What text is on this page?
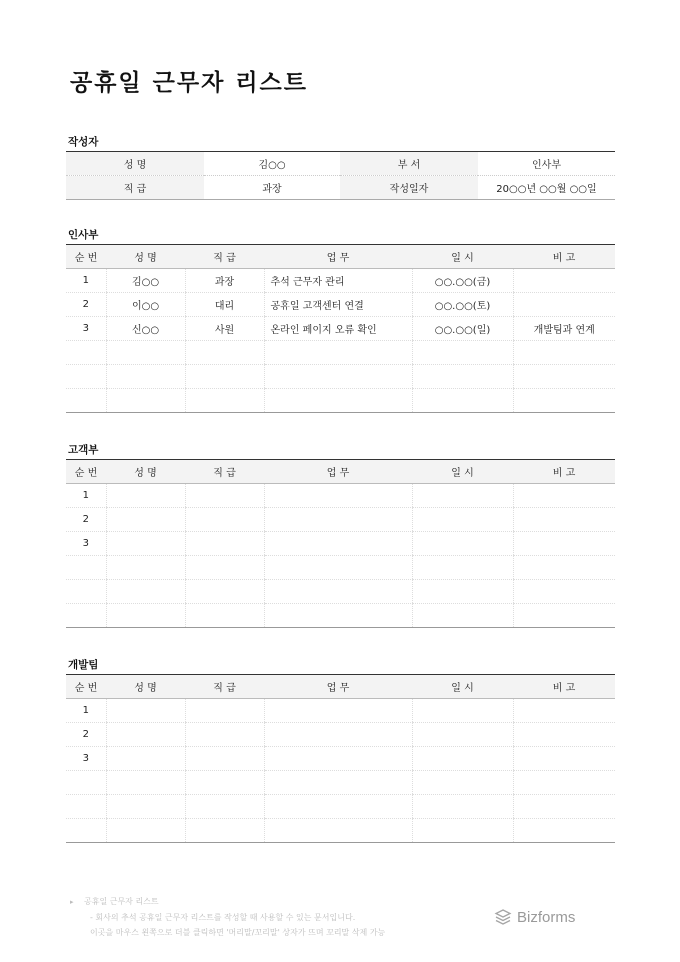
공휴일 근무자 리스트
작성자
성 명	김○○	부 서	인사부
직 급	과장	작성일자	20○○년 ○○월 ○○일
인사부
순 번	성 명	직 급	업 무	일 시	비 고
1	김○○	과장	추석 근무자 관리	○○.○○(금)	
2	이○○	대리	공휴일 고객센터 연결	○○.○○(토)	
3	신○○	사원	온라인 페이지 오류 확인	○○.○○(일)	개발팀과 연계

고객부
순 번	성 명	직 급	업 무	일 시	비 고
1					
2					
3					

개발팀
순 번	성 명	직 급	업 무	일 시	비 고
1					
2					
3					

▸ 공휴일 근무자 리스트
- 회사의 추석 공휴일 근무자 리스트를 작성할 때 사용할 수 있는 문서입니다.
이곳을 마우스 왼쪽으로 더블 클릭하면 '머리말/꼬리말' 상자가 뜨며 꼬리말 삭제 가능
Bizforms
